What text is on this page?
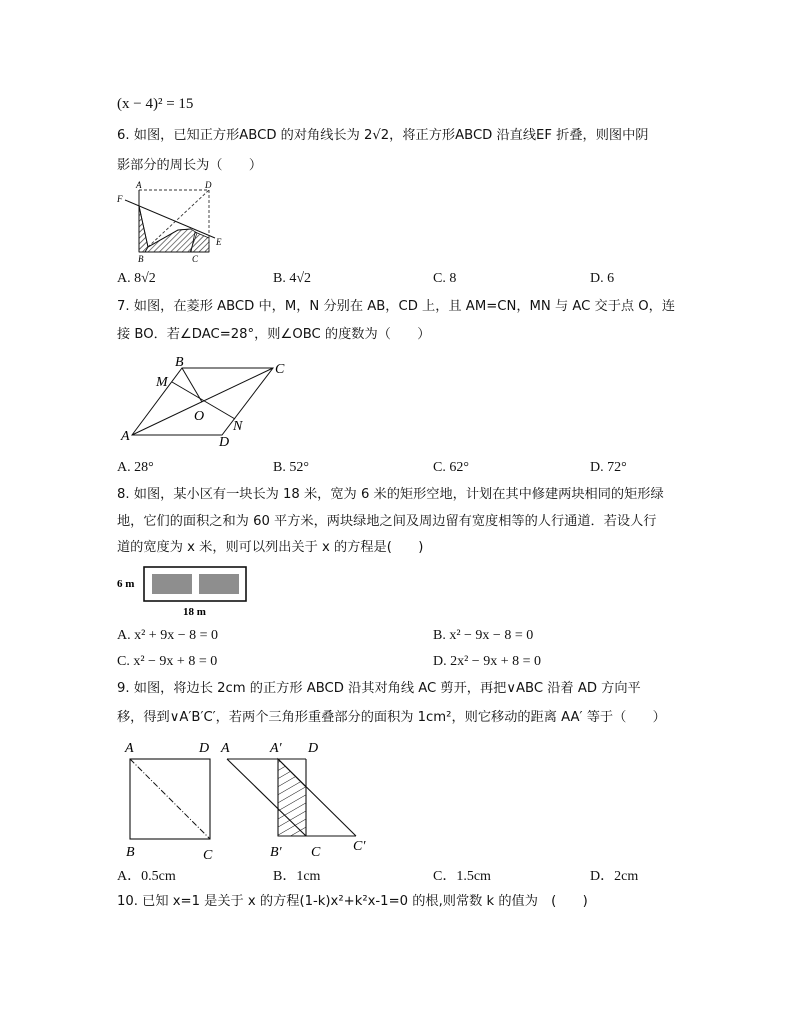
(x − 4)² = 15
6. 如图，已知正方形ABCD 的对角线长为 2√2，将正方形ABCD 沿直线EF 折叠，则图中阴
影部分的周长为（　　）
A	D
F
E
B	C
A. 8√2	B. 4√2	C. 8	D. 6
7. 如图，在菱形 ABCD 中，M，N 分别在 AB，CD 上，且 AM=CN，MN 与 AC 交于点 O，连
接 BO．若∠DAC=28°，则∠OBC 的度数为（　　）
A
B	C
D
M
N
O
A. 28°	B. 52°	C. 62°	D. 72°
8. 如图，某小区有一块长为 18 米，宽为 6 米的矩形空地，计划在其中修建两块相同的矩形绿
地，它们的面积之和为 60 平方米，两块绿地之间及周边留有宽度相等的人行通道．若设人行
道的宽度为 x 米，则可以列出关于 x 的方程是(　　)
6 m
18 m
A. x² + 9x − 8 = 0	B. x² − 9x − 8 = 0
C. x² − 9x + 8 = 0	D. 2x² − 9x + 8 = 0
9. 如图，将边长 2cm 的正方形 ABCD 沿其对角线 AC 剪开，再把∨ABC 沿着 AD 方向平
移，得到∨A′B′C′，若两个三角形重叠部分的面积为 1cm²，则它移动的距离 AA′ 等于（　　）
A	D
B	C
A	A′ D
B′ C C′
A．0.5cm	B．1cm	C．1.5cm	D．2cm
10. 已知 x=1 是关于 x 的方程(1-k)x²+k²x-1=0 的根,则常数 k 的值为　(　　)
